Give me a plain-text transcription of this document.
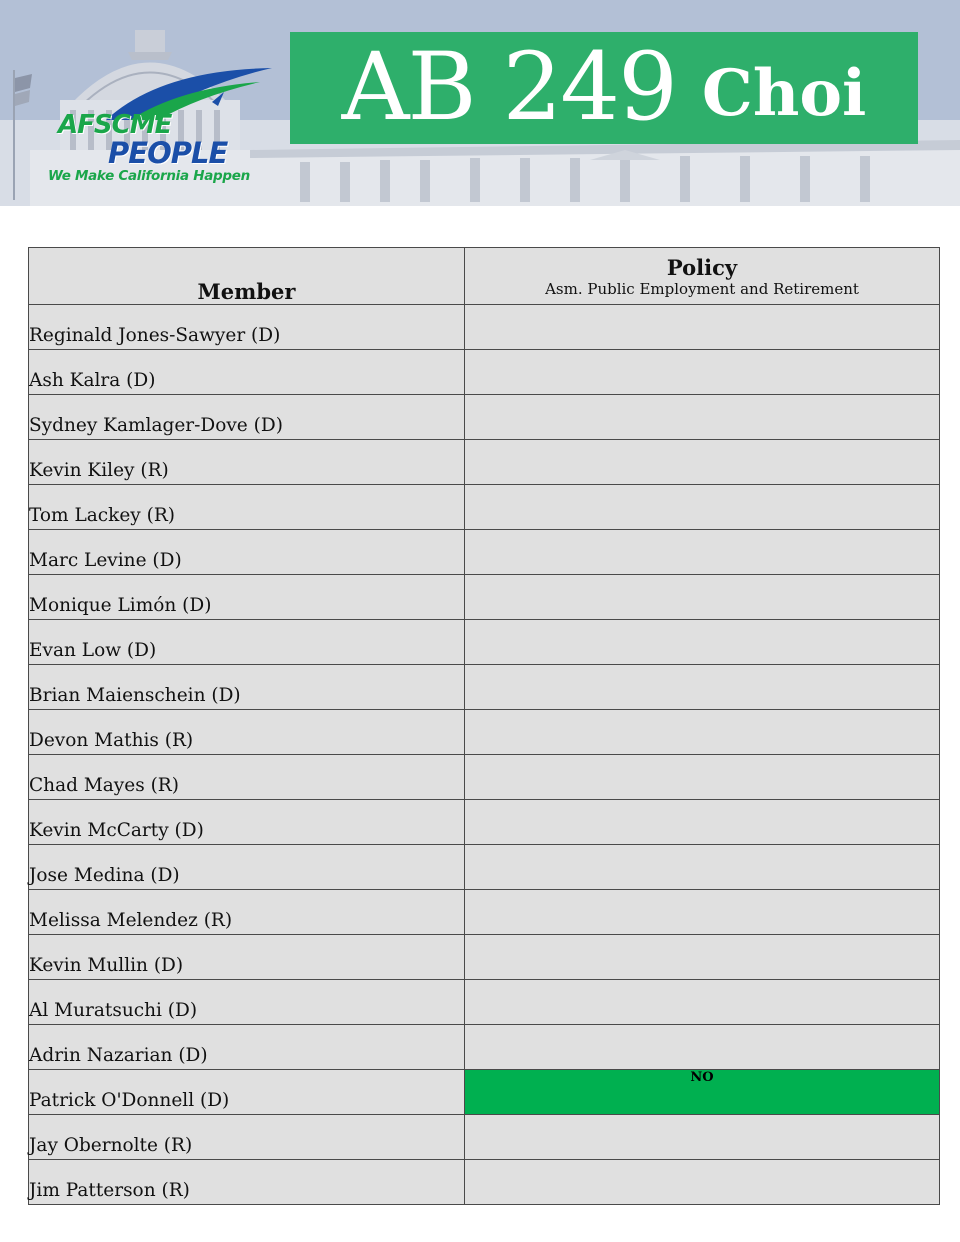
AFSCME
PEOPLE
We Make California Happen
AB 249 Choi
Member	Policy
Asm. Public Employment and Retirement

Reginald Jones-Sawyer (D)	
Ash Kalra (D)	
Sydney Kamlager-Dove (D)	
Kevin Kiley (R)	
Tom Lackey (R)	
Marc Levine (D)	
Monique Limón (D)	
Evan Low (D)	
Brian Maienschein (D)	
Devon Mathis (R)	
Chad Mayes (R)	
Kevin McCarty (D)	
Jose Medina (D)	
Melissa Melendez (R)	
Kevin Mullin (D)	
Al Muratsuchi (D)	
Adrin Nazarian (D)	
Patrick O'Donnell (D)	NO
Jay Obernolte (R)	
Jim Patterson (R)	
